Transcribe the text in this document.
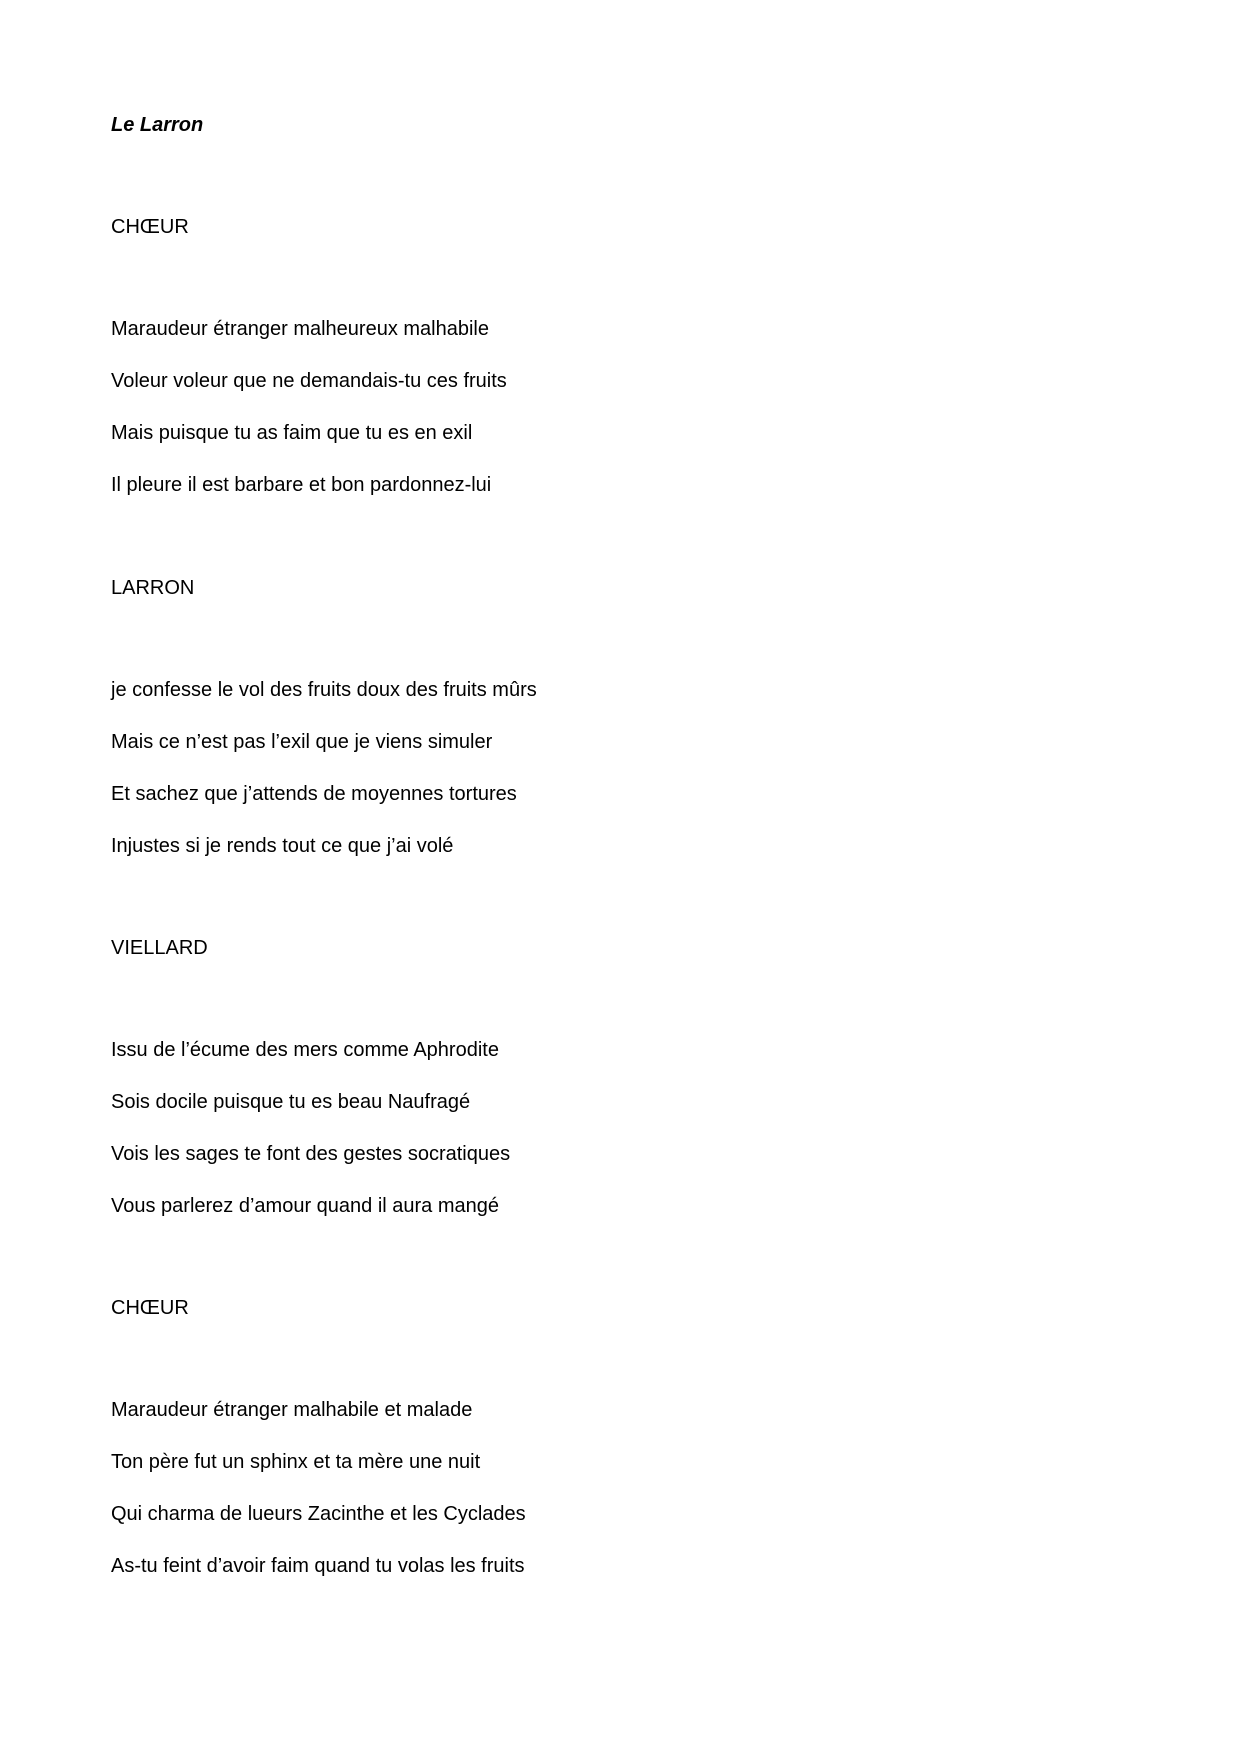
Le Larron
CHŒUR
Maraudeur étranger malheureux malhabile
Voleur voleur que ne demandais-tu ces fruits
Mais puisque tu as faim que tu es en exil
Il pleure il est barbare et bon pardonnez-lui
LARRON
je confesse le vol des fruits doux des fruits mûrs
Mais ce n’est pas l’exil que je viens simuler
Et sachez que j’attends de moyennes tortures
Injustes si je rends tout ce que j’ai volé
VIELLARD
Issu de l’écume des mers comme Aphrodite
Sois docile puisque tu es beau Naufragé
Vois les sages te font des gestes socratiques
Vous parlerez d’amour quand il aura mangé
CHŒUR
Maraudeur étranger malhabile et malade
Ton père fut un sphinx et ta mère une nuit
Qui charma de lueurs Zacinthe et les Cyclades
As-tu feint d’avoir faim quand tu volas les fruits
